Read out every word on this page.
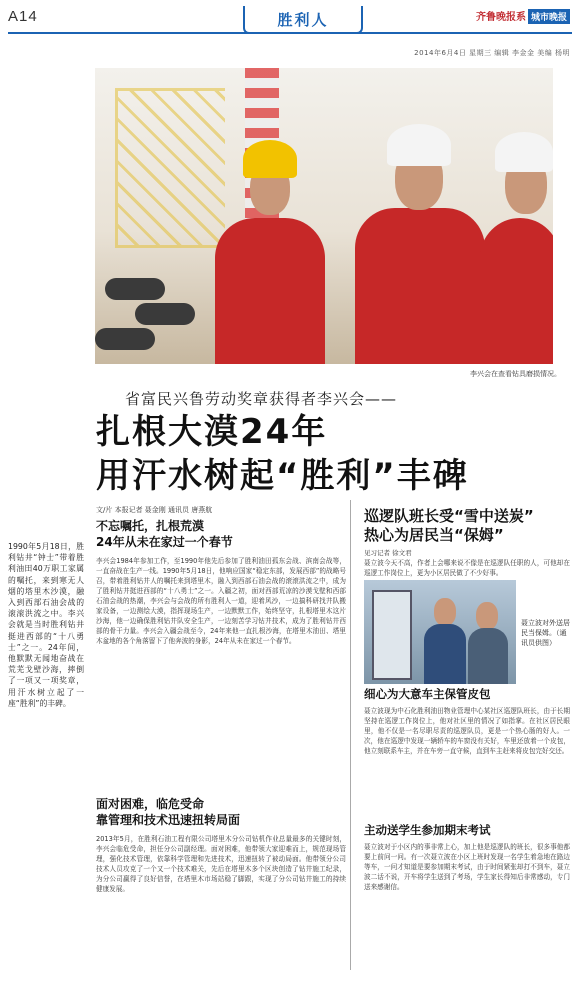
A14	胜利人	齐鲁晚报系 城市晚报
2014年6月4日 星期三 编辑 李金金 美编 杨明
李兴会在查看钻具磨损情况。
省富民兴鲁劳动奖章获得者李兴会——
扎根大漠24年
用汗水树起“胜利”丰碑
文/片 本报记者 聂金刚 通讯员 唐燕航
1990年5月18日，胜利钻井“钟士”带着胜利油田40万职工家属的嘱托，来到寒无人烟的塔里木沙漠，融入到西部石油会战的滚滚洪流之中。李兴会就是当时胜利钻井挺进西部的“十八勇士”之一。24年间，他默默无闻地奋战在荒芜戈壁沙海，摔倒了一项又一项奖章，用汗水树立起了一座“胜利”的丰碑。
不忘嘱托，扎根荒漠
24年从未在家过一个春节
李兴会1984年参加工作，至1990年他先后参加了胜利油田孤东会战、滨南会战等，一直奋战在生产一线。1990年5月18日，他响应国家“稳定东部，发展西部”的战略号召，带着胜利钻井人的嘱托来到塔里木，融入到西部石油会战的滚滚洪流之中，成为了胜利钻井挺进西部的“十八勇士”之一。入疆之初，面对西部荒凉的沙漠戈壁和西部石油会战的热潮，李兴会与会战的所有胜利人一道，迎着风沙，一边搞科研找井队搬家设备，一边测绘大漠，指挥现场生产，一边默默工作，始终坚守，扎根塔里木这片沙海，他一边确保胜利钻井队安全生产，一边刻苦学习钻井技术，成为了胜利钻井西部的骨干力量。李兴会入疆会战至今，24年来他一直扎根沙海，在塔里木油田、塔里木盆地的各个角落留下了他奔波的身影，24年从未在家过一个春节。
面对困难，临危受命
靠管理和技术迅速扭转局面
2013年5月，在胜利石油工程有限公司塔里木分公司钻机作业总量最多的关键时刻，李兴会临危受命，担任分公司副经理。面对困难，他带领大家迎难而上，规范现场管理，强化技术管理，依靠科学管理和先进技术，迅速扭转了被动局面。他带领分公司技术人员攻克了一个又一个技术难关，先后在塔里木多个区块创造了钻井施工纪录，为分公司赢得了良好信誉，在塔里木市场站稳了脚跟，实现了分公司钻井施工的持续健康发展。
巡逻队班长受“雪中送炭”
热心为居民当“保姆”
见习记者 徐文君
聂立波今天不高，作者上会哪来说不像是在巡逻队任职的人，可他却在巡逻工作岗位上，更为小区居民做了不少好事。
聂立波对外送居民当保姆。（通讯员供图）
细心为大意车主保管皮包
聂立波现为中石化胜利油田物业管理中心某社区巡逻队班长，由于长期坚持在巡逻工作岗位上，他对社区里的情况了如指掌。在社区居民眼里，他不仅是一名尽职尽责的巡逻队员，更是一个热心肠的好人。一次，他在巡逻中发现一辆轿车的车窗没有关好，车里还放着一个皮包，他立刻联系车主，并在车旁一直守候，直到车主赶来将皮包完好交还。
主动送学生参加期末考试
聂立波对于小区内的事非常上心，加上他是巡逻队的班长，很多事他都要上前问一问。有一次聂立波在小区上班时发现一名学生着急地在路边等车，一问才知道是要参加期末考试，由于时间紧张却打不到车，聂立波二话不说，开车将学生送到了考场，学生家长得知后非常感动，专门送来感谢信。
